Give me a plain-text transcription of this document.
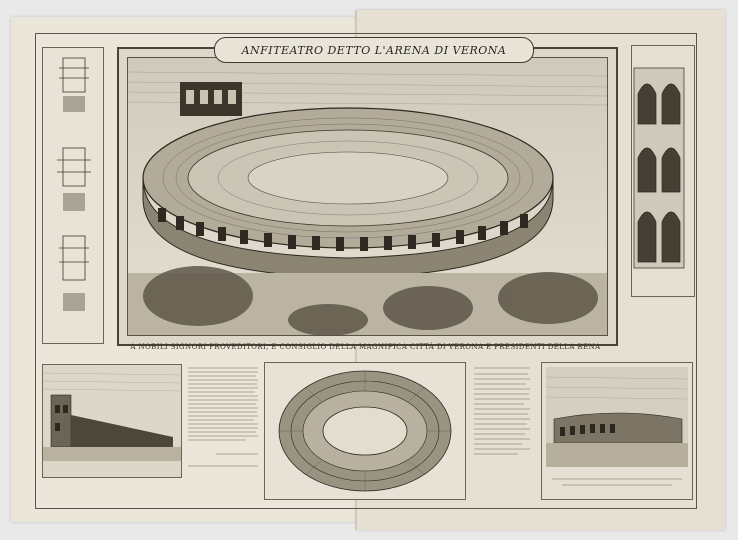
ANFITEATRO DETTO L'ARENA DI VERONA
A NOBILI SIGNORI PROVEDITORI, E CONSIGLIO DELLA MAGNIFICA CITTÀ DI VERONA E PRESIDENTI DELLA RENA
